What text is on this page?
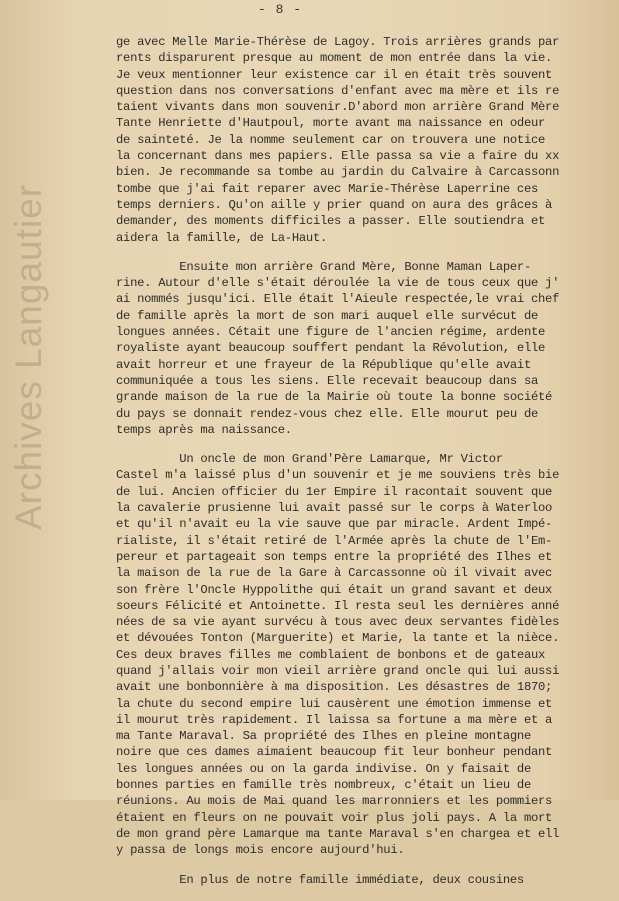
- 8 -
Archives Langautier
ge avec Melle Marie-Thérèse de Lagoy. Trois arrières grands par
rents disparurent presque au moment de mon entrée dans la vie.
Je veux mentionner leur existence car il en était très souvent
question dans nos conversations d'enfant avec ma mère et ils re
taient vivants dans mon souvenir.D'abord mon arrière Grand Mère
Tante Henriette d'Hautpoul, morte avant ma naissance en odeur
de sainteté. Je la nomme seulement car on trouvera une notice
la concernant dans mes papiers. Elle passa sa vie a faire du xx
bien. Je recommande sa tombe au jardin du Calvaire à Carcassonn
tombe que j'ai fait reparer avec Marie-Thérèse Laperrine ces
temps derniers. Qu'on aille y prier quand on aura des grâces à
demander, des moments difficiles a passer. Elle soutiendra et
aidera la famille, de La-Haut.
Ensuite mon arrière Grand Mère, Bonne Maman Laper-
rine. Autour d'elle s'était déroulée la vie de tous ceux que j'
ai nommés jusqu'ici. Elle était l'Aieule respectée,le vrai chef
de famille après la mort de son mari auquel elle survécut de
longues années. Cétait une figure de l'ancien régime, ardente
royaliste ayant beaucoup souffert pendant la Révolution, elle
avait horreur et une frayeur de la République qu'elle avait
communiquée a tous les siens. Elle recevait beaucoup dans sa
grande maison de la rue de la Mairie où toute la bonne société
du pays se donnait rendez-vous chez elle. Elle mourut peu de
temps après ma naissance.
Un oncle de mon Grand'Père Lamarque, Mr Victor
Castel m'a laissé plus d'un souvenir et je me souviens très bie
de lui. Ancien officier du 1er Empire il racontait souvent que
la cavalerie prusienne lui avait passé sur le corps à Waterloo
et qu'il n'avait eu la vie sauve que par miracle. Ardent Impé-
rialiste, il s'était retiré de l'Armée après la chute de l'Em-
pereur et partageait son temps entre la propriété des Ilhes et
la maison de la rue de la Gare à Carcassonne où il vivait avec
son frère l'Oncle Hyppolithe qui était un grand savant et deux
soeurs Félicité et Antoinette. Il resta seul les dernières anné
nées de sa vie ayant survécu à tous avec deux servantes fidèles
et dévouées Tonton (Marguerite) et Marie, la tante et la nièce.
Ces deux braves filles me comblaient de bonbons et de gateaux
quand j'allais voir mon vieil arrière grand oncle qui lui aussi
avait une bonbonnière à ma disposition. Les désastres de 1870;
la chute du second empire lui causèrent une émotion immense et
il mourut très rapidement. Il laissa sa fortune a ma mère et a
ma Tante Maraval. Sa propriété des Ilhes en pleine montagne
noire que ces dames aimaient beaucoup fit leur bonheur pendant
les longues années ou on la garda indivise. On y faisait de
bonnes parties en famille très nombreux, c'était un lieu de
réunions. Au mois de Mai quand les marronniers et les pommiers
étaient en fleurs on ne pouvait voir plus joli pays. A la mort
de mon grand père Lamarque ma tante Maraval s'en chargea et ell
y passa de longs mois encore aujourd'hui.
En plus de notre famille immédiate, deux cousines
